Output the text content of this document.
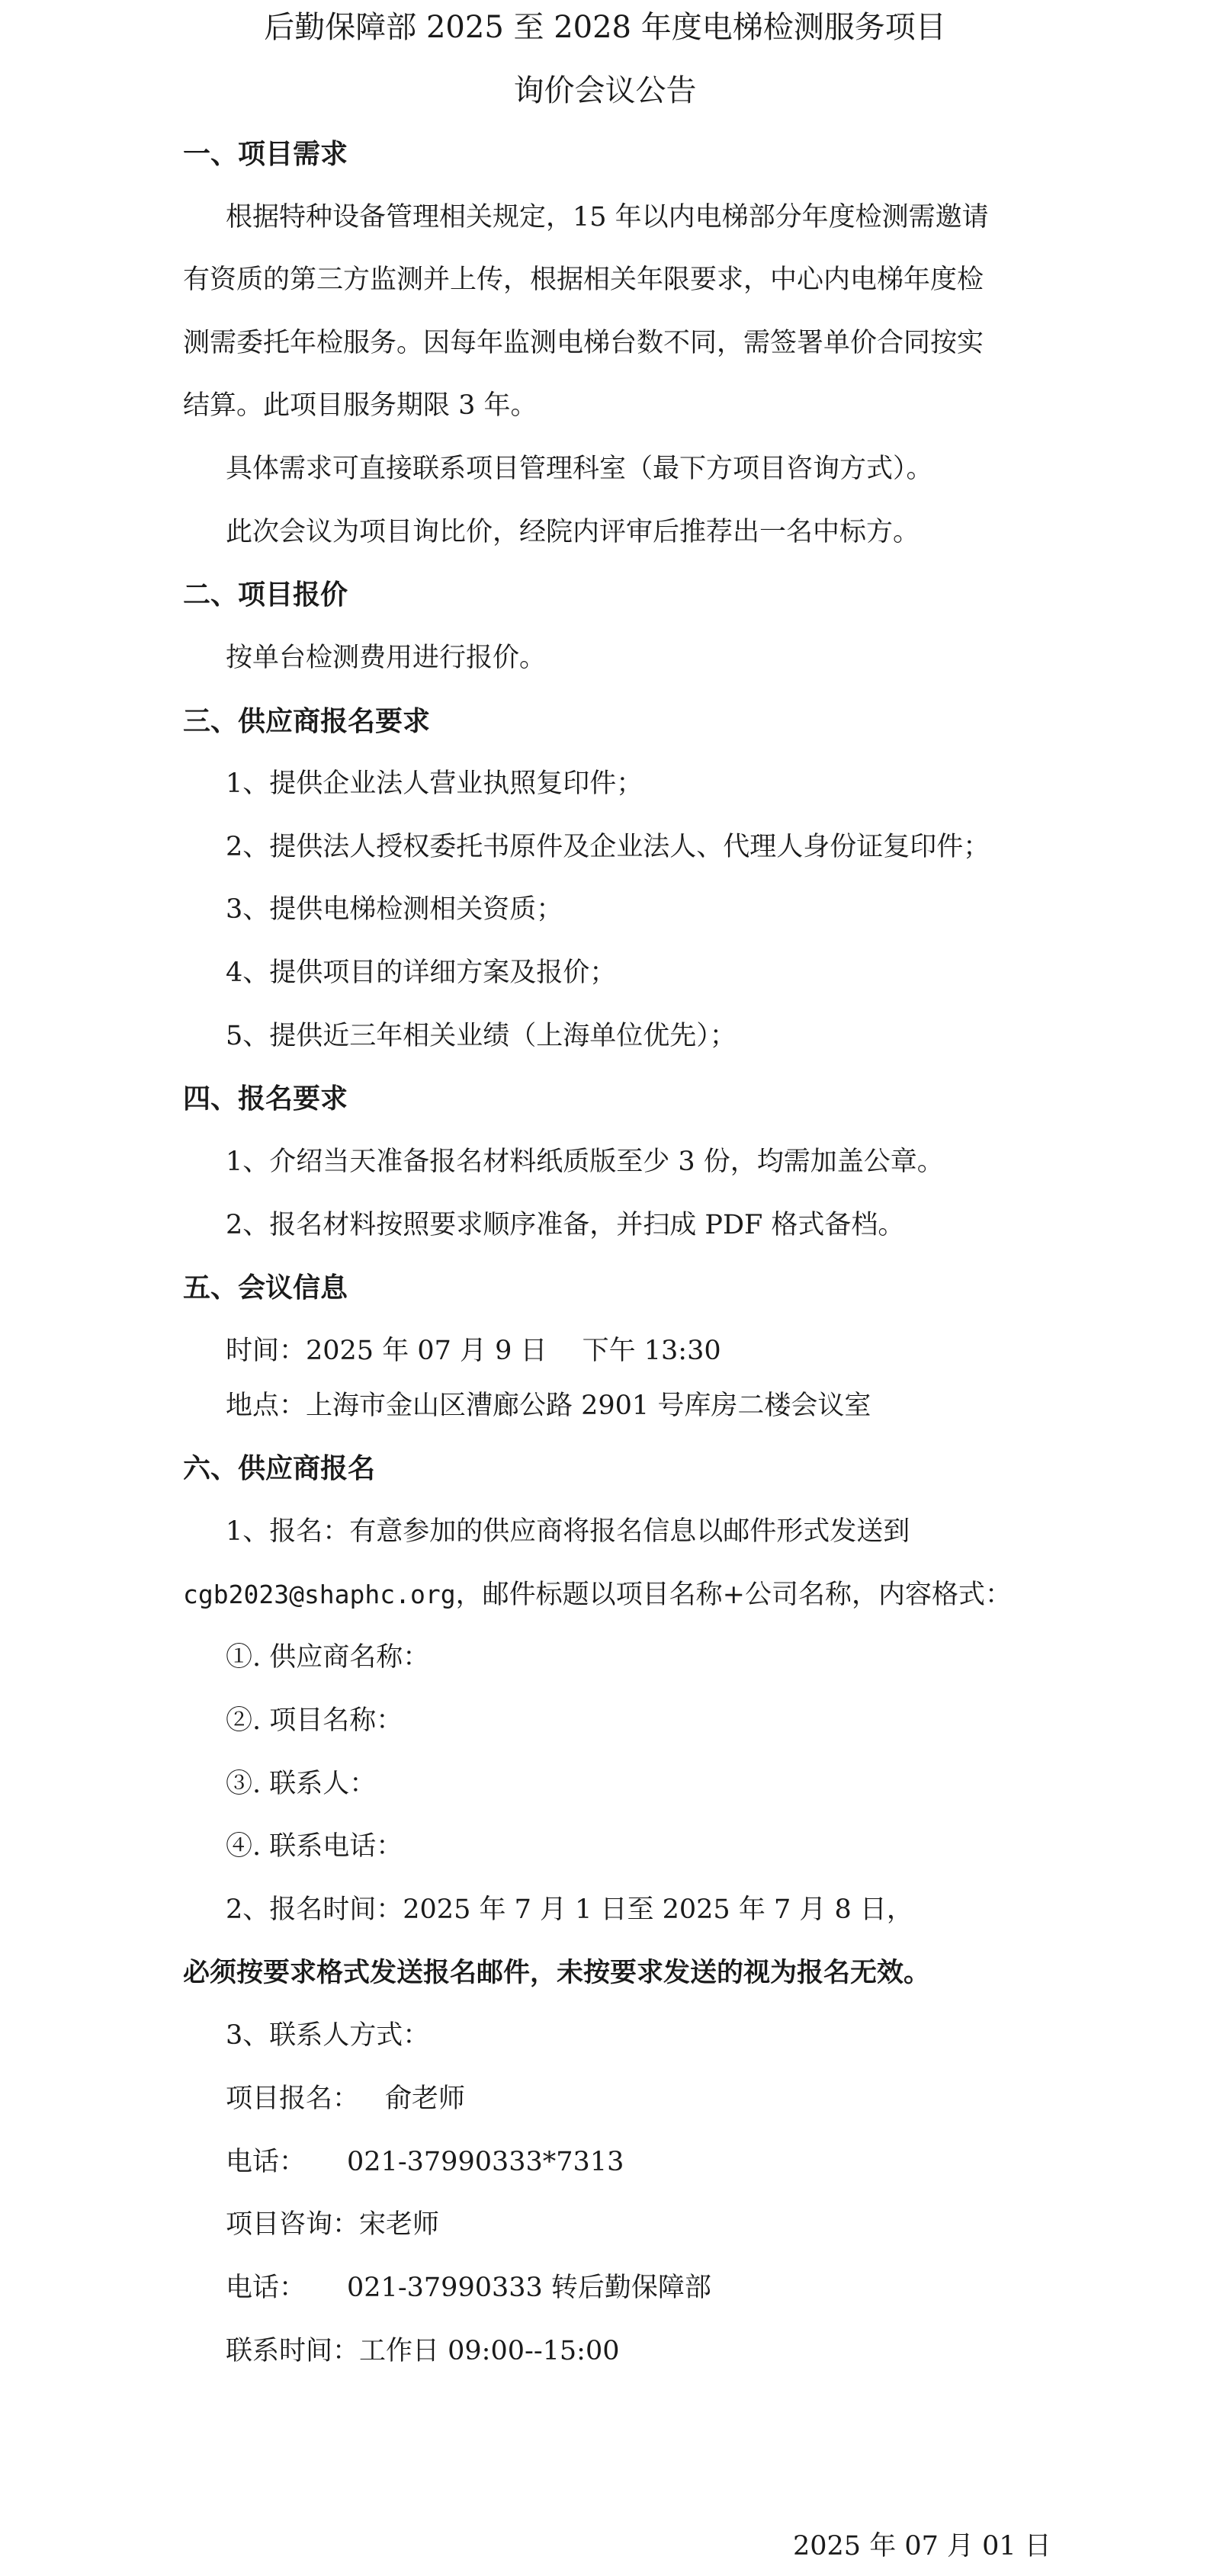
后勤保障部 2025 至 2028 年度电梯检测服务项目
询价会议公告
一、项目需求
根据特种设备管理相关规定，15 年以内电梯部分年度检测需邀请
有资质的第三方监测并上传，根据相关年限要求，中心内电梯年度检
测需委托年检服务。因每年监测电梯台数不同，需签署单价合同按实
结算。此项目服务期限 3 年。
具体需求可直接联系项目管理科室（最下方项目咨询方式）。
此次会议为项目询比价，经院内评审后推荐出一名中标方。
二、项目报价
按单台检测费用进行报价。
三、供应商报名要求
1、提供企业法人营业执照复印件；
2、提供法人授权委托书原件及企业法人、代理人身份证复印件；
3、提供电梯检测相关资质；
4、提供项目的详细方案及报价；
5、提供近三年相关业绩（上海单位优先）；
四、报名要求
1、介绍当天准备报名材料纸质版至少 3 份，均需加盖公章。
2、报名材料按照要求顺序准备，并扫成 PDF 格式备档。
五、会议信息
时间：2025 年 07 月 9 日　 下午 13:30
地点：上海市金山区漕廊公路 2901 号库房二楼会议室
六、供应商报名
1、报名：有意参加的供应商将报名信息以邮件形式发送到
cgb2023@shaphc.org，邮件标题以项目名称+公司名称，内容格式：
①. 供应商名称：
②. 项目名称：
③. 联系人：
④. 联系电话：
2、报名时间：2025 年 7 月 1 日至 2025 年 7 月 8 日，
必须按要求格式发送报名邮件，未按要求发送的视为报名无效。
3、联系人方式：
项目报名： 俞老师
电话： 021-37990333*7313
项目咨询：宋老师
电话： 021-37990333 转后勤保障部
联系时间：工作日 09:00--15:00
2025 年 07 月 01 日
